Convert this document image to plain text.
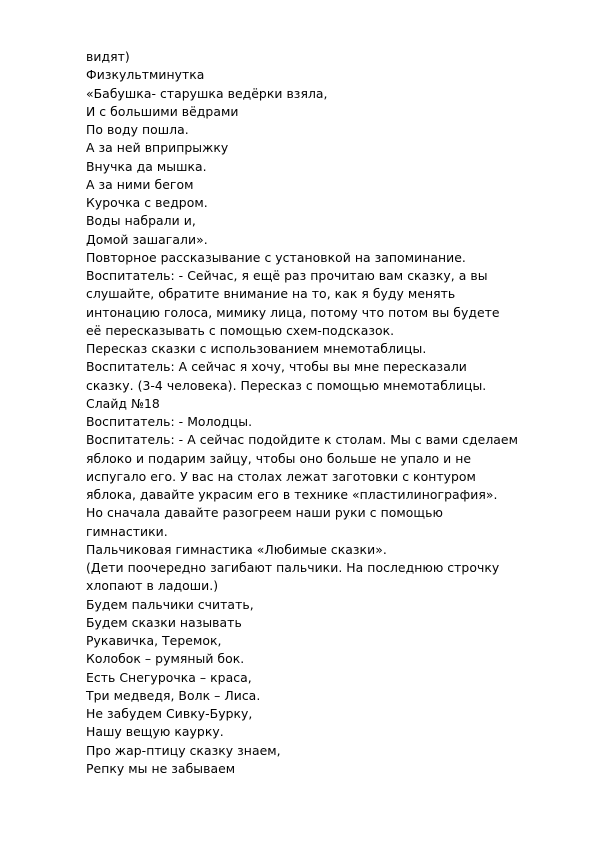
видят)
Физкультминутка
«Бабушка- старушка ведёрки взяла,
И с большими вёдрами
По воду пошла.
А за ней вприпрыжку
Внучка да мышка.
А за ними бегом
Курочка с ведром.
Воды набрали и,
Домой зашагали».
Повторное рассказывание с установкой на запоминание.
Воспитатель: - Сейчас, я ещё раз прочитаю вам сказку, а вы
слушайте, обратите внимание на то, как я буду менять
интонацию голоса, мимику лица, потому что потом вы будете
её пересказывать с помощью схем-подсказок.
Пересказ сказки с использованием мнемотаблицы.
Воспитатель: А сейчас я хочу, чтобы вы мне пересказали
сказку. (3-4 человека). Пересказ с помощью мнемотаблицы.
Слайд №18
Воспитатель: - Молодцы.
Воспитатель: - А сейчас подойдите к столам. Мы с вами сделаем
яблоко и подарим зайцу, чтобы оно больше не упало и не
испугало его. У вас на столах лежат заготовки с контуром
яблока, давайте украсим его в технике «пластилинография».
Но сначала давайте разогреем наши руки с помощью
гимнастики.
Пальчиковая гимнастика «Любимые сказки».
(Дети поочередно загибают пальчики. На последнюю строчку
хлопают в ладоши.)
Будем пальчики считать,
Будем сказки называть
Рукавичка, Теремок,
Колобок – румяный бок.
Есть Снегурочка – краса,
Три медведя, Волк – Лиса.
Не забудем Сивку-Бурку,
Нашу вещую каурку.
Про жар-птицу сказку знаем,
Репку мы не забываем
